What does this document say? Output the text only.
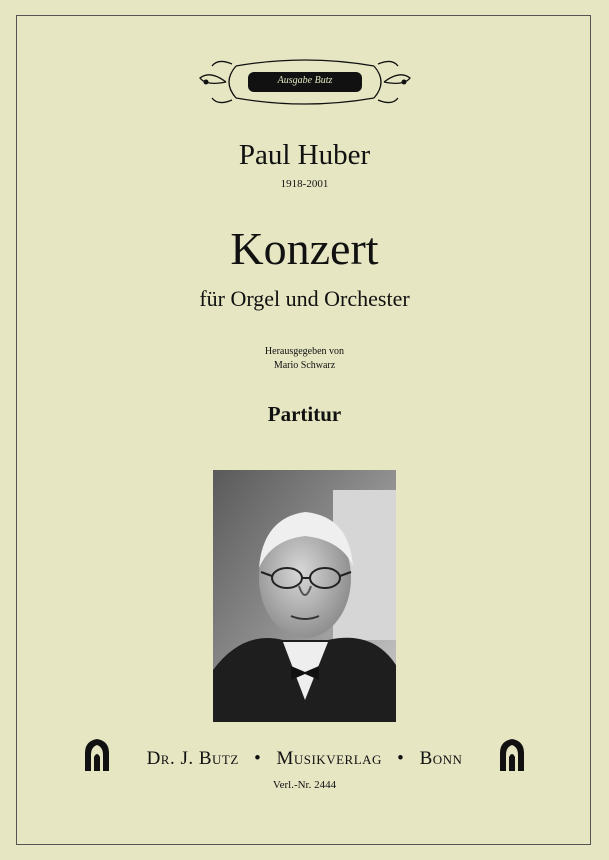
Ausgabe Butz
Paul Huber
1918-2001
Konzert
für Orgel und Orchester
Herausgegeben von
Mario Schwarz
Partitur
Dr. J. Butz • Musikverlag • Bonn
Verl.-Nr. 2444
